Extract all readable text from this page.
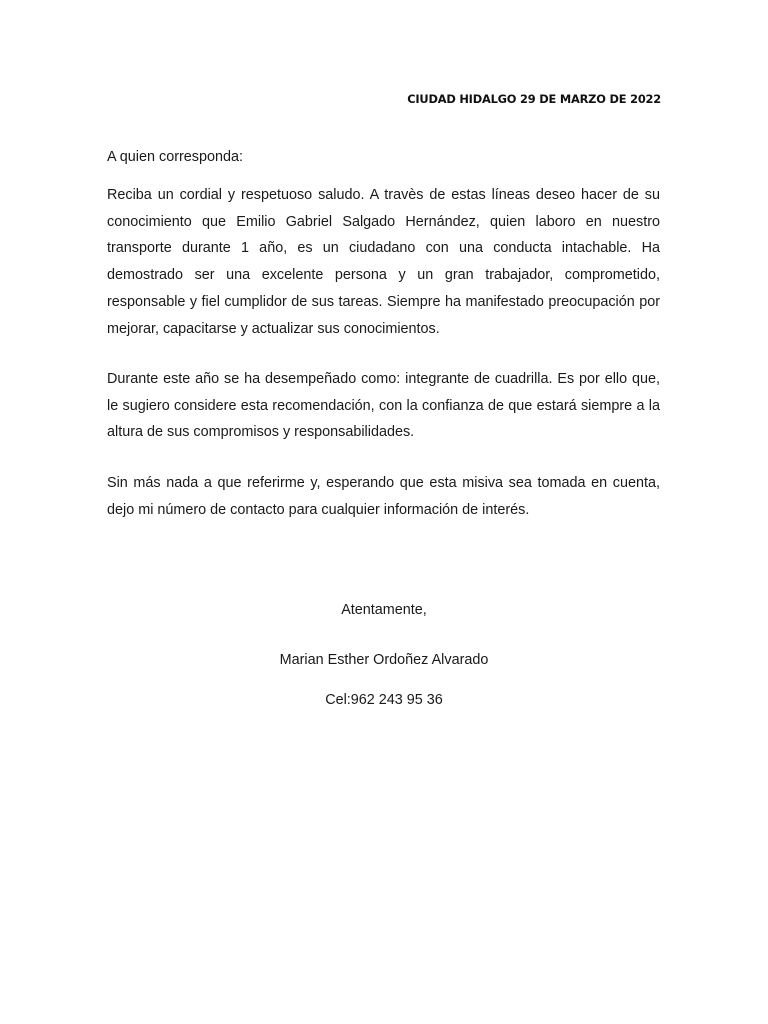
CIUDAD HIDALGO 29 DE MARZO DE 2022
A quien corresponda:

Reciba un cordial y respetuoso saludo. A travès de estas líneas deseo hacer de su conocimiento que Emilio Gabriel Salgado Hernández, quien laboro en nuestro transporte durante 1 año, es un ciudadano con una conducta intachable. Ha demostrado ser una excelente persona y un gran trabajador, comprometido, responsable y fiel cumplidor de sus tareas. Siempre ha manifestado preocupación por mejorar, capacitarse y actualizar sus conocimientos.

Durante este año se ha desempeñado como: integrante de cuadrilla. Es por ello que, le sugiero considere esta recomendación, con la confianza de que estará siempre a la altura de sus compromisos y responsabilidades.

Sin más nada a que referirme y, esperando que esta misiva sea tomada en cuenta, dejo mi número de contacto para cualquier información de interés.

Atentamente,
Marian Esther Ordoñez Alvarado
Cel:962 243 95 36
